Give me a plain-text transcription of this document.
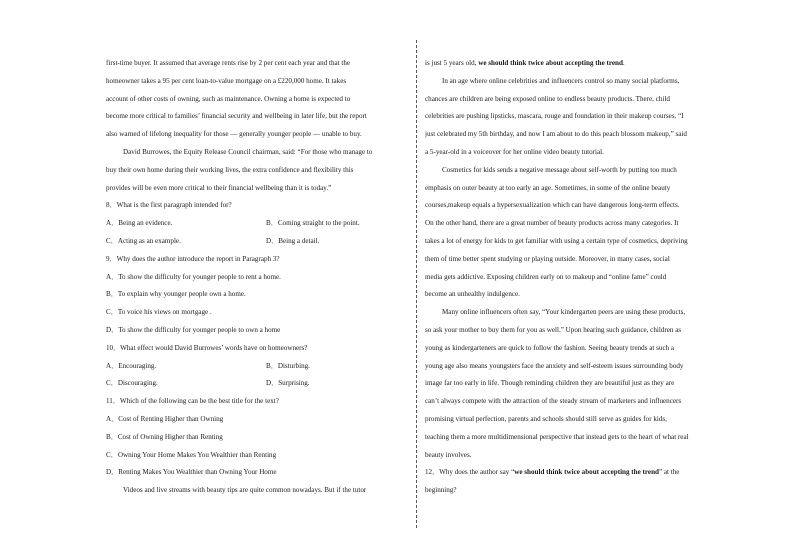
first-time buyer. It assumed that average rents rise by 2 per cent each year and that the
homeowner takes a 95 per cent loan-to-value mortgage on a £220,000 home. It takes
account of other costs of owning, such as maintenance. Owning a home is expected to
become more critical to families’ financial security and wellbeing in later life, but the report
also warned of lifelong inequality for those — generally younger people — unable to buy.
David Burrowes, the Equity Release Council chairman, said: “For those who manage to
buy their own home during their working lives, the extra confidence and flexibility this
provides will be even more critical to their financial wellbeing than it is today.”
8．What is the first paragraph intended for?
A．Being an evidence.	B．Coming straight to the point.
C．Acting as an example.	D．Being a detail.
9．Why does the author introduce the report in Paragraph 3?
A．To show the difficulty for younger people to rent a home.
B．To explain why younger people own a home.
C．To voice his views on mortgage .
D．To show the difficulty for younger people to own a home
10．What effect would David Burrowes’ words have on homeowners?
A．Encouraging.	B．Disturbing.
C．Discouraging.	D．Surprising.
11．Which of the following can be the best title for the text?
A．Cost of Renting Higher than Owning
B．Cost of Owning Higher than Renting
C．Owning Your Home Makes You Wealthier than Renting
D．Renting Makes You Wealthier than Owning Your Home
Videos and live streams with beauty tips are quite common nowadays. But if the tutor
is just 5 years old, we should think twice about accepting the trend.
In an age where online celebrities and influencers control so many social platforms,
chances are children are being exposed online to endless beauty products. There, child
celebrities are pushing lipsticks, mascara, rouge and foundation in their makeup courses. “I
just celebrated my 5th birthday, and now I am about to do this peach blossom makeup,” said
a 5-year-old in a voiceover for her online video beauty tutorial.
Cosmetics for kids sends a negative message about self-worth by putting too much
emphasis on outer beauty at too early an age. Sometimes, in some of the online beauty
courses,makeup equals a hypersexualization which can have dangerous long-term effects.
On the other hand, there are a great number of beauty products across many categories. It
takes a lot of energy for kids to get familiar with using a certain type of cosmetics, depriving
them of time better spent studying or playing outside. Moreover, in many cases, social
media gets addictive. Exposing children early on to makeup and “online fame” could
become an unhealthy indulgence.
Many online influencers often say, “Your kindergarten peers are using these products,
so ask your mother to buy them for you as well.” Upon hearing such guidance, children as
young as kindergarteners are quick to follow the fashion. Seeing beauty trends at such a
young age also means youngsters face the anxiety and self-esteem issues surrounding body
image far too early in life. Though reminding children they are beautiful just as they are
can’t always compete with the attraction of the steady stream of marketers and influencers
promising virtual perfection, parents and schools should still serve as guides for kids,
teaching them a more multidimensional perspective that instead gets to the heart of what real
beauty involves.
12．Why does the author say “we should think twice about accepting the trend” at the
beginning?
